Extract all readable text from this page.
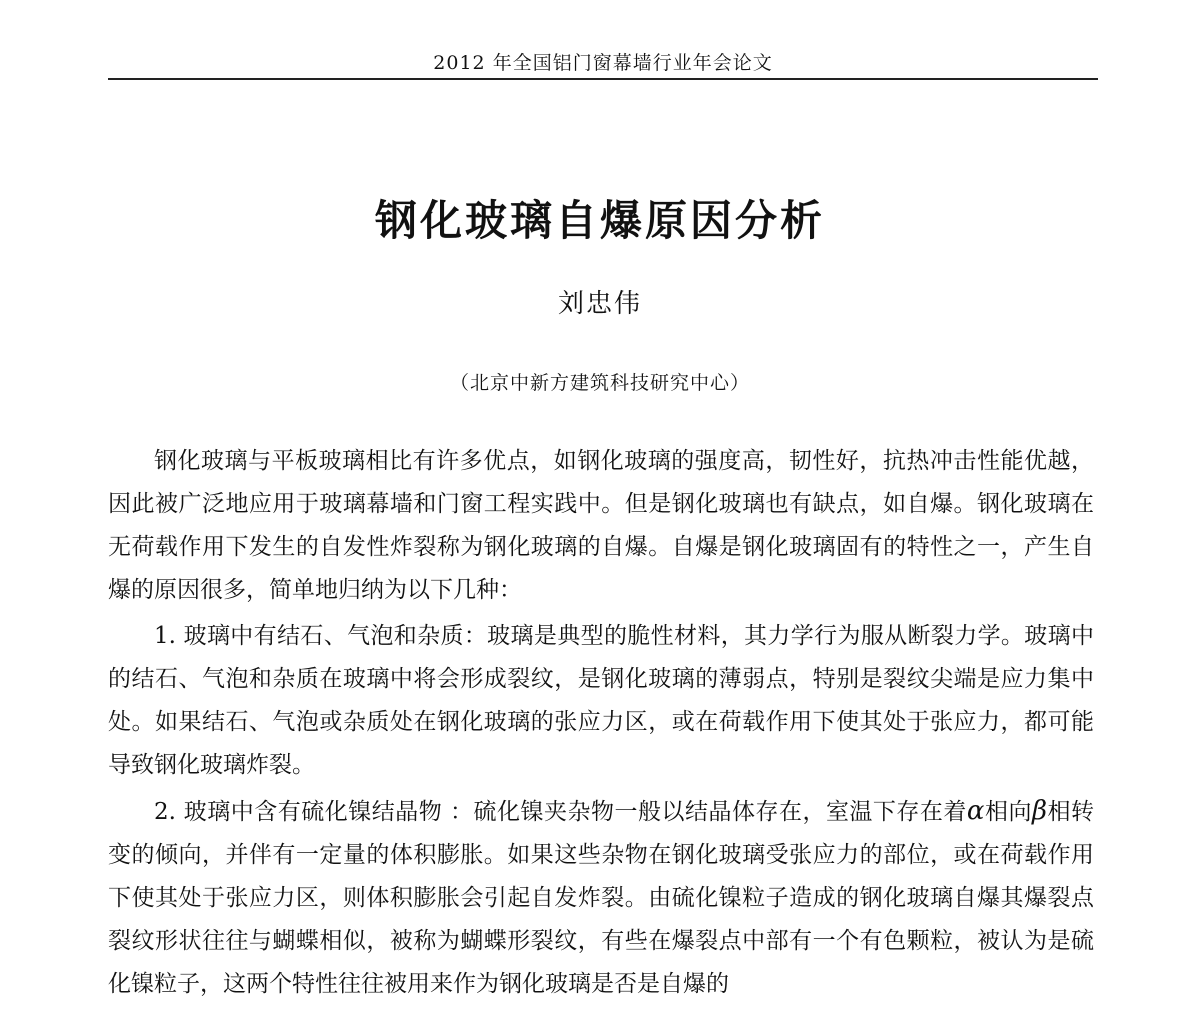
2012 年全国铝门窗幕墙行业年会论文
钢化玻璃自爆原因分析
刘忠伟
（北京中新方建筑科技研究中心）

钢化玻璃与平板玻璃相比有许多优点，如钢化玻璃的强度高，韧性好，抗热冲击性能优越，因此被广泛地应用于玻璃幕墙和门窗工程实践中。但是钢化玻璃也有缺点，如自爆。钢化玻璃在无荷载作用下发生的自发性炸裂称为钢化玻璃的自爆。自爆是钢化玻璃固有的特性之一，产生自爆的原因很多，简单地归纳为以下几种：

1. 玻璃中有结石、气泡和杂质：玻璃是典型的脆性材料，其力学行为服从断裂力学。玻璃中的结石、气泡和杂质在玻璃中将会形成裂纹，是钢化玻璃的薄弱点，特别是裂纹尖端是应力集中处。如果结石、气泡或杂质处在钢化玻璃的张应力区，或在荷载作用下使其处于张应力，都可能导致钢化玻璃炸裂。

2. 玻璃中含有硫化镍结晶物 ：硫化镍夹杂物一般以结晶体存在，室温下存在着α相向β相转变的倾向，并伴有一定量的体积膨胀。如果这些杂物在钢化玻璃受张应力的部位，或在荷载作用下使其处于张应力区，则体积膨胀会引起自发炸裂。由硫化镍粒子造成的钢化玻璃自爆其爆裂点裂纹形状往往与蝴蝶相似，被称为蝴蝶形裂纹，有些在爆裂点中部有一个有色颗粒，被认为是硫化镍粒子，这两个特性往往被用来作为钢化玻璃是否是自爆的
